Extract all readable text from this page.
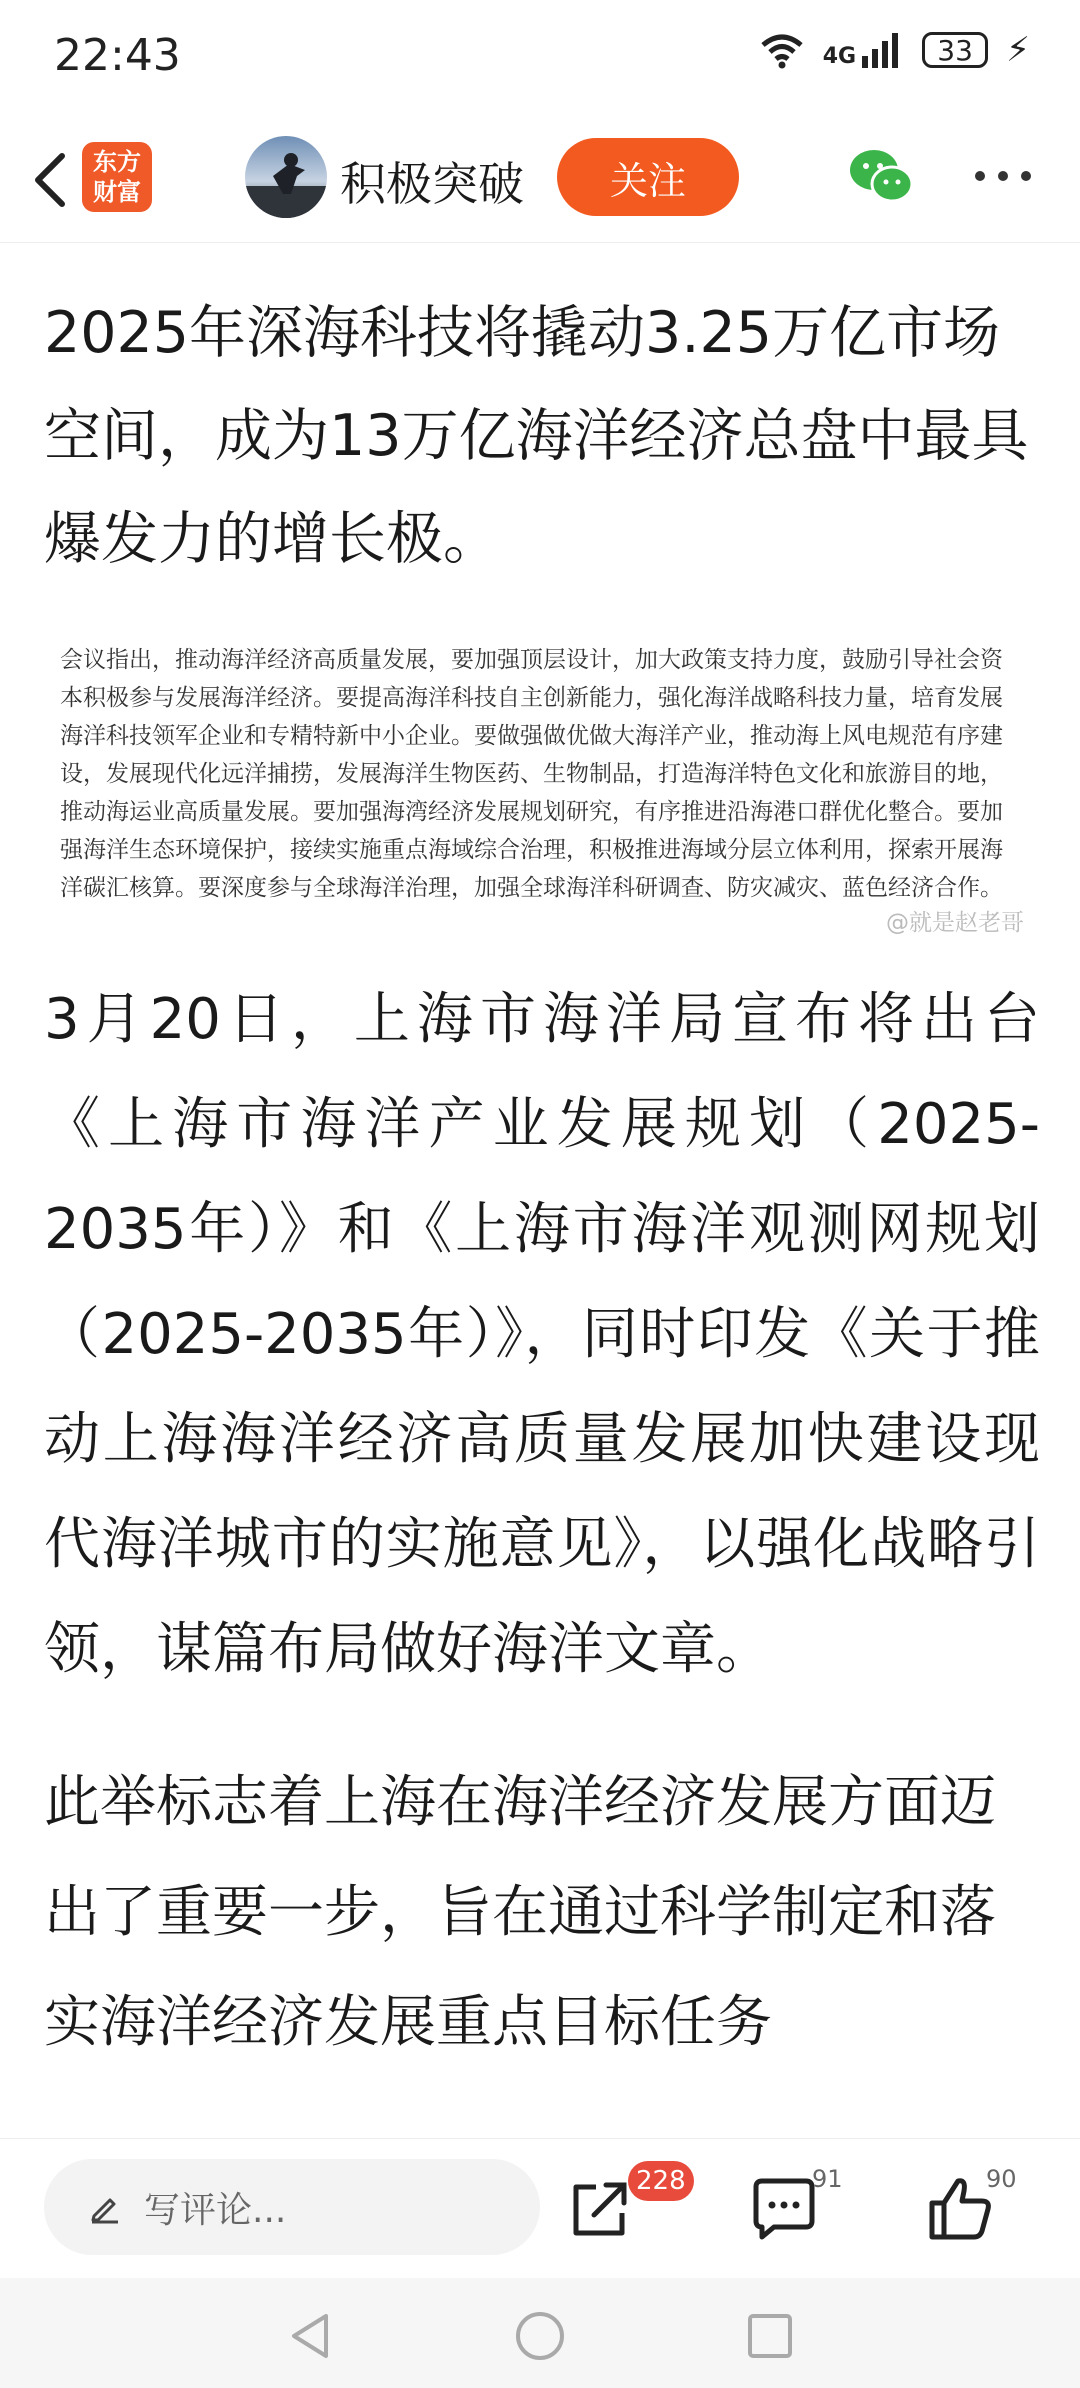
22:43	4G	33 ⚡
东方
财富	积极突破	关注

2025年深海科技将撬动3.25万亿市场空间，成为13万亿海洋经济总盘中最具爆发力的增长极。

会议指出，推动海洋经济高质量发展，要加强顶层设计，加大政策支持力度，鼓励引导社会资本积极参与发展海洋经济。要提高海洋科技自主创新能力，强化海洋战略科技力量，培育发展海洋科技领军企业和专精特新中小企业。要做强做优做大海洋产业，推动海上风电规范有序建设，发展现代化远洋捕捞，发展海洋生物医药、生物制品，打造海洋特色文化和旅游目的地，推动海运业高质量发展。要加强海湾经济发展规划研究，有序推进沿海港口群优化整合。要加强海洋生态环境保护，接续实施重点海域综合治理，积极推进海域分层立体利用，探索开展海洋碳汇核算。要深度参与全球海洋治理，加强全球海洋科研调查、防灾减灾、蓝色经济合作。
@就是赵老哥

3月20日，上海市海洋局宣布将出台《上海市海洋产业发展规划（2025-2035年）》和《上海市海洋观测网规划（2025-2035年）》，同时印发《关于推动上海海洋经济高质量发展加快建设现代海洋城市的实施意见》，以强化战略引领，谋篇布局做好海洋文章。

此举标志着上海在海洋经济发展方面迈出了重要一步，旨在通过科学制定和落实海洋经济发展重点目标任务

写评论...
228	91	90
